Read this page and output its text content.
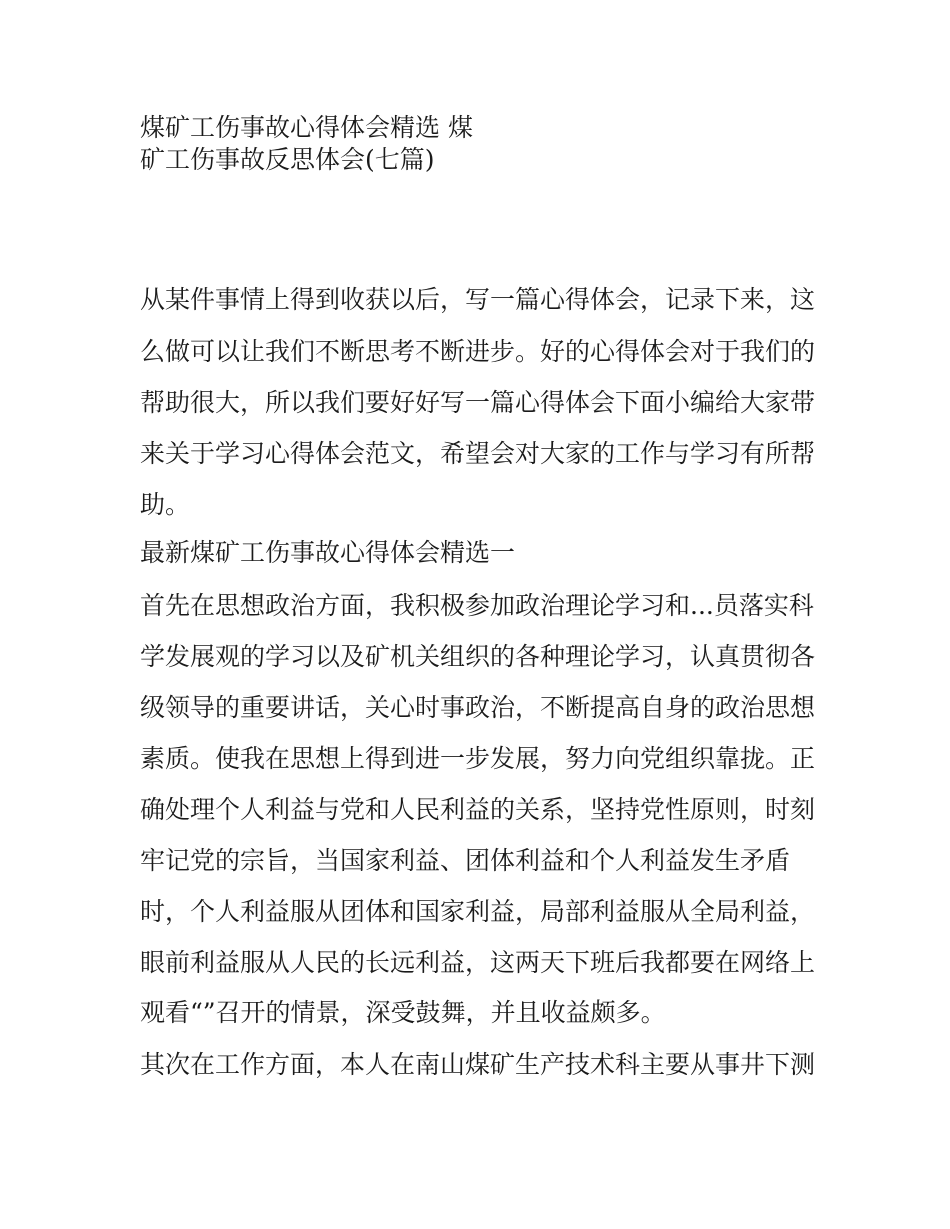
煤矿工伤事故心得体会精选 煤
矿工伤事故反思体会(七篇)

从某件事情上得到收获以后，写一篇心得体会，记录下来，这

么做可以让我们不断思考不断进步。好的心得体会对于我们的

帮助很大，所以我们要好好写一篇心得体会下面小编给大家带

来关于学习心得体会范文，希望会对大家的工作与学习有所帮

助。

最新煤矿工伤事故心得体会精选一

首先在思想政治方面，我积极参加政治理论学习和...员落实科

学发展观的学习以及矿机关组织的各种理论学习，认真贯彻各

级领导的重要讲话，关心时事政治，不断提高自身的政治思想

素质。使我在思想上得到进一步发展，努力向党组织靠拢。正

确处理个人利益与党和人民利益的关系，坚持党性原则，时刻

牢记党的宗旨，当国家利益、团体利益和个人利益发生矛盾

时，个人利益服从团体和国家利益，局部利益服从全局利益，

眼前利益服从人民的长远利益，这两天下班后我都要在网络上

观看“”召开的情景，深受鼓舞，并且收益颇多。

其次在工作方面，本人在南山煤矿生产技术科主要从事井下测
